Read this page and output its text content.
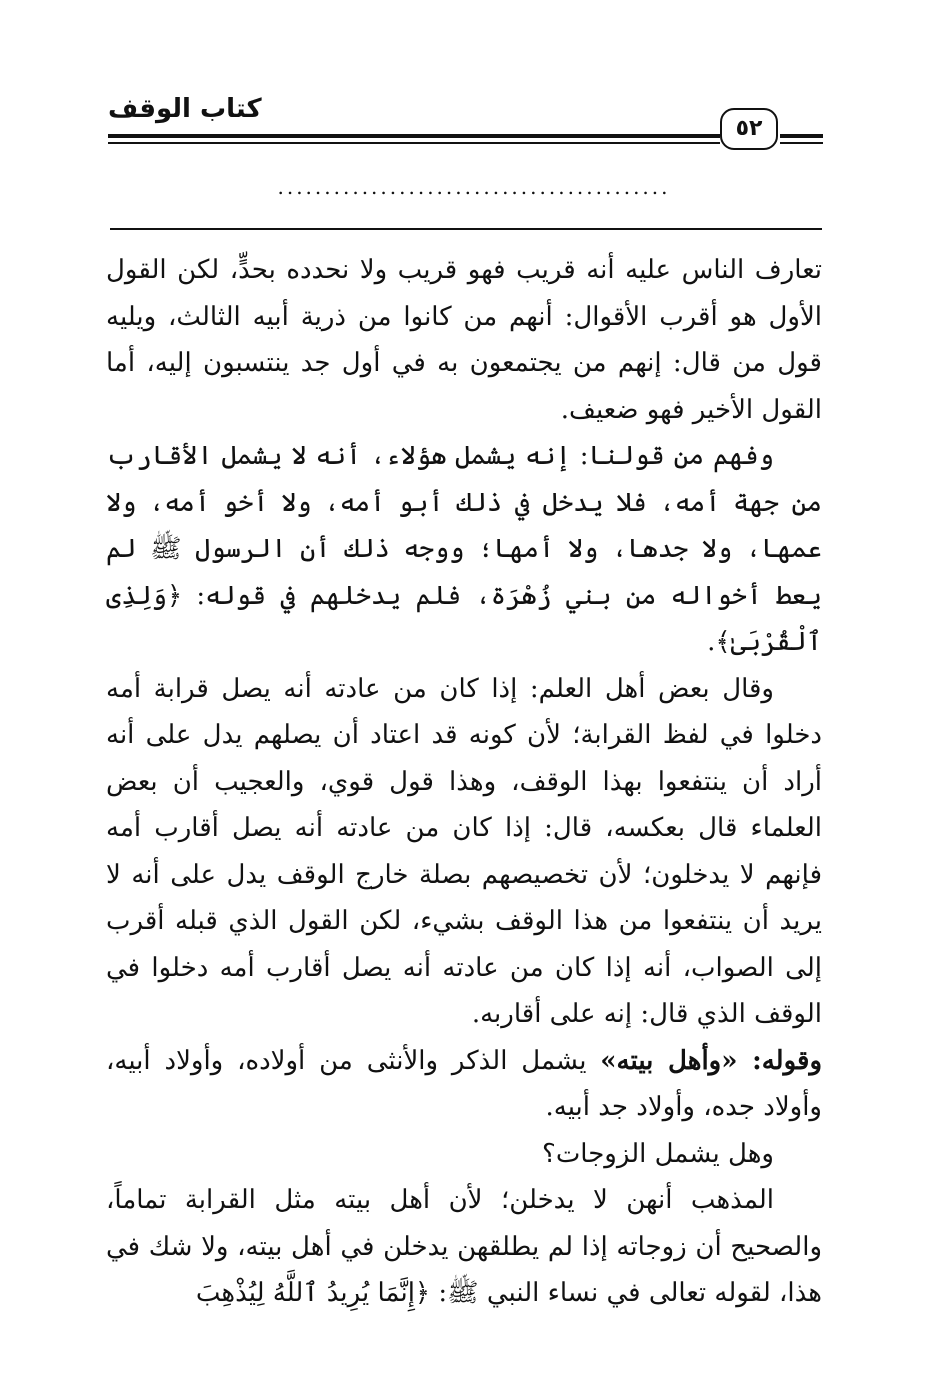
كتاب الوقف
٥٢
..........................................

تعارف الناس عليه أنه قريب فهو قريب ولا نحدده بحدٍّ، لكن القول الأول هو أقرب الأقوال: أنهم من كانوا من ذرية أبيه الثالث، ويليه قول من قال: إنهم من يجتمعون به في أول جد ينتسبون إليه، أما القول الأخير فهو ضعيف.

وفهم من قولنا: إنه يشمل هؤلاء، أنه لا يشمل الأقارب من جهة أمه، فلا يدخل في ذلك أبو أمه، ولا أخو أمه، ولا عمها، ولا جدها، ولا أمها؛ ووجه ذلك أن الرسول ﷺ لم يعط أخواله من بني زُهْرَة، فلم يدخلهم في قوله: ﴿وَلِذِى ٱلْقُرْبَىٰ﴾.

وقال بعض أهل العلم: إذا كان من عادته أنه يصل قرابة أمه دخلوا في لفظ القرابة؛ لأن كونه قد اعتاد أن يصلهم يدل على أنه أراد أن ينتفعوا بهذا الوقف، وهذا قول قوي، والعجيب أن بعض العلماء قال بعكسه، قال: إذا كان من عادته أنه يصل أقارب أمه فإنهم لا يدخلون؛ لأن تخصيصهم بصلة خارج الوقف يدل على أنه لا يريد أن ينتفعوا من هذا الوقف بشيء، لكن القول الذي قبله أقرب إلى الصواب، أنه إذا كان من عادته أنه يصل أقارب أمه دخلوا في الوقف الذي قال: إنه على أقاربه.

وقوله: «وأهل بيته» يشمل الذكر والأنثى من أولاده، وأولاد أبيه، وأولاد جده، وأولاد جد أبيه.

وهل يشمل الزوجات؟

المذهب أنهن لا يدخلن؛ لأن أهل بيته مثل القرابة تماماً، والصحيح أن زوجاته إذا لم يطلقهن يدخلن في أهل بيته، ولا شك في هذا، لقوله تعالى في نساء النبي ﷺ: ﴿إِنَّمَا يُرِيدُ ٱللَّهُ لِيُذْهِبَ
